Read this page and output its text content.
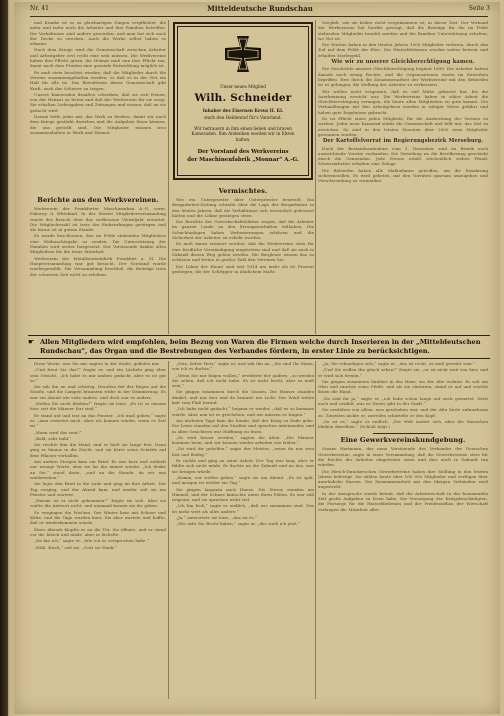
Nr. 41	Mitteldeutsche Rundschau	Seite 3

und Kranke ist es zu gleichartigen Dingen verpflichtet, die mehr und mehr auch die Arbeiter und ihre Familien betreffen. Die Verhältnisse sind andere geworden, und man hat sich nach der Decke zu strecken. Auch die Werke selbst haben es erkannt.

Nach dem Kriege wird die Gemeinschaft zwischen Arbeiter und Arbeitgeber erst recht eine sein müssen. Die Werkvereine haben ihre Pflicht getan, die Heimat muß nun ihre Pflicht tun, damit nach dem Frieden eine gesunde Entwicklung möglich ist.

Es muß stets beachtet werden, daß die Mitglieder durch die Vereine zusammengehalten werden, so daß es in der Not ein Halt für alle ist. Das Bewußtsein dieser Gemeinschaft gibt Kraft, auch das Schwere zu tragen.

Unsere Kameraden draußen schreiben, daß sie sich freuen, von der Heimat zu hören und daß der Werkverein für sie sorgt. Sie erhalten Liebesgaben und Zeitungen und wissen, daß an sie gedacht wird.

Darum helfe jeder mit, das Werk zu fördern, damit wir nach dem Kriege gestärkt dastehen und die Aufgaben lösen können, die uns gestellt sind. Die Mitglieder müssen treu zusammenhalten in Werk und Heimat.

Berichte aus den Werkvereinen.

Werkverein der Frankfurter Maschinenbau A.-G. vorm. Pokorny & Wittekind. In der letzten Mitgliederversammlung wurde der Bericht über das verflossene Vierteljahr erstattet. Die Mitgliederzahl ist trotz der Einberufungen gestiegen und die Kasse ist in gutem Stande.

Es wurde beschlossen, den im Felde stehenden Mitgliedern eine Weihnachtsgabe zu senden. Die Unterstützung der Familien wird weiter fortgesetzt. Der Vorsitzende dankte allen Mitgliedern für die treue Mitarbeit.

Werkverein der Metallwarenfabrik Frankfurt a. M. Die Hauptversammlung war gut besucht. Der Vorstand wurde wiedergewählt. Die Versammlung beschloß, die Beiträge trotz der schweren Zeit nicht zu erhöhen.

Unser neues Mitglied
Wilh. Schneider
Inhaber des Eisernen Kreuz II. Kl.
starb den Heldentod für's Vaterland.
Wir betrauern in ihm einen lieben und braven Kameraden. Ihm Andenken werden wir in Ehren halten.
Der Vorstand des Werkvereins
der Maschinenfabrik „Monnar“ A.-G.
Vermischtes.

Wie ein Unterpriester über Unterpriester beurteilt. Ein Bergarbeiter-Zeitung schreibt über die Lage der Bergarbeiter in den letzten Jahren, daß die Verhältnisse sich wesentlich gebessert hätten und die Löhne gestiegen seien.

Die Berichte der Gewerkschaftsblätter zeigen, daß die Arbeiter im ganzen Lande an den Errungenschaften teilhaben. Die Schachtanlagen haben Verbesserungen erfahren und die Sicherheit der Arbeiter ist erhöht worden.

Es muß daran erinnert werden, daß die Werkvereine stets für eine friedliche Verständigung eingetreten sind und daß sie auch in Zukunft diesen Weg gehen werden. Die Bergleute wissen das zu schätzen und treten in großer Zahl den Vereinen bei.

Die Löhne der Hauer sind seit 1914 um mehr als 60 Prozent gestiegen, die der Schlepper in ähnlichem Maße.

Sorgfalt, wie sie bisher nicht vorgekommen ist, in dieser Zeit. Der Verband der Werkvereine hat hierfür gesorgt, daß die Beiträge für die im Felde stehenden Mitglieder bezahlt werden und die Familien Unterstützung erhalten, wo Not ist.

Die Vereine haben in den letzten Jahren 1500 Mitglieder verloren, durch den Tod auf dem Felde der Ehre. Die Hinterbliebenen werden weiter betreut und erhalten Sterbegeld.

Wie wir zu unserer Gleichberechtigung kamen.

Die Geschichte unserer Gleichberechtigung beginnt 1890. Die Arbeiter hatten damals noch wenig Rechte, und die Organisationen waren im Entstehen begriffen. Erst durch die Zusammenarbeit der Werkvereine mit den Behörden ist es gelungen, die Stellung der Arbeiter zu verbessern.

Wir wollen nicht vergessen, daß es viel Mühe gekostet hat, bis die Anerkennung erreicht war. Die Werkvereine haben in zäher Arbeit die Gleichberechtigung errungen, die heute allen Mitgliedern zu gute kommt. Die Verhandlungen mit den Arbeitgebern wurden in ruhiger Weise geführt und haben gute Ergebnisse gebracht.

Es ist Pflicht eines jeden Mitglieds, für die Ausbreitung der Vereine zu werben. Jeder neue Kamerad stärkt die Gemeinschaft und hilft mit, das Ziel zu erreichen. So sind in den letzten Monaten über 2000 neue Mitglieder gewonnen worden.

Der Kartoffelvorrat im Regierungsbezirk Merseburg.

Nach der Bestandsaufnahme vom 1. Dezember sind im Bezirk noch ausreichende Vorräte vorhanden. Die Verteilung an die Bevölkerung geschieht durch die Gemeinden. Jede Person erhält wöchentlich sieben Pfund, Schwerarbeiter erhalten eine Zulage.

Die Behörden haben alle Maßnahmen getroffen, um die Ernährung sicherzustellen. Es wird gebeten, mit den Vorräten sparsam umzugehen und Verschwendung zu vermeiden.

☛ Allen Mitgliedern wird empfohlen, beim Bezug von Waren die Firmen welche durch Inserieren in der „Mitteldeutschen Rundschau“, das Organ und die Bestrebungen des Verbandes fördern, in erster Linie zu berücksichtigen.

Diese Worte, was Sie mir sagten in der Stube, gefielen mir.

„Und freut Sie das?“ fragte er, und ein Lächeln ging über sein Gesicht. „Ich habe es mir anders gedacht, aber es ist gut so.“

Sie sah ihn an und schwieg. Draußen fiel der Regen auf die Straße, und die Lampen brannten trübe in der Dämmerung. Es war ein Abend wie viele andere, und doch war es anders.

„Wollen Sie nicht bleiben?“ fragte sie leise. „Es ist so einsam hier, seit die Männer fort sind.“

Er stand auf und trat an das Fenster. „Ich muß gehen,“ sagte er, „man erwartet mich. Aber ich komme wieder, wenn es Zeit ist.“

„Wann wird das sein?“

„Bald, sehr bald.“

Sie reichte ihm die Hand, und er hielt sie lange fest. Dann ging er hinaus in die Nacht, und sie hörte seine Schritte auf dem Pflaster verhallen.

Am andern Morgen kam ein Brief. Er war kurz und enthielt nur wenige Worte, aber sie las ihn immer wieder. „Ich denke an Sie,“ stand darin, „und an die Stunde, da wir uns wiedersehen.“

Sie legte den Brief in die Lade und ging an ihre Arbeit. Der Tag verging, und der Abend kam, und wieder saß sie am Fenster und wartete.

„Warum ist er nicht gekommen?“ fragte sie sich. Aber sie wußte die Antwort nicht, und niemand konnte sie ihr geben.

So vergingen die Wochen. Der Winter kam mit Schnee und Kälte, und die Tage wurden kurz. Sie aber wartete und hoffte, daß er wiederkommen würde.

Eines Abends klopfte es an die Tür. Sie öffnete, und er stand vor ihr, bleich und müde, aber er lächelte.

„Da bin ich,“ sagte er. „Wie ich es versprochen habe.“

„Wilh. Kirch,“ rief sie, „Gott sei Dank!“

„Nun, lieber Herr,“ sagte er, und sah ihn an, „Sie sind Ihr Mann, wie ich es dachte.“

„Wenn Sie mir folgen wollen,“ erwiderte der andere, „so werden Sie sehen, daß ich recht habe. Es ist nicht leicht, aber es muß sein.“

Sie gingen zusammen durch die Gassen. Die Häuser standen dunkel, und nur hier und da brannte ein Licht. Der Wind wehte kalt vom Fluß herauf.

„Ich habe nicht gedacht,“ begann er wieder, „daß es so kommen würde. Aber nun ist es geschehen, und wir müssen es tragen.“

Am nächsten Tage kam die Kunde, daß der Krieg zu Ende gehe. Die Leute standen auf den Straßen und sprachen miteinander, und in allen Gesichtern war Hoffnung zu lesen.

„Es wird besser werden,“ sagten die Alten. „Die Männer kommen heim, und wir können wieder arbeiten wie früher.“

„Da wird dir geholfen,“ sagte der Meister, „wenn du nur treu bist und fleißig.“

Er nickte und ging an seine Arbeit. Der Tag war lang, aber er fühlte sich nicht müde. Er dachte an die Zukunft und an das, was sie bringen würde.

„Komm, wir wollen gehen,“ sagte sie am Abend. „Es ist spät, und morgen ist wieder ein Tag.“

Sie gingen langsam nach Hause. Die Sterne standen am Himmel, und der Schnee knirschte unter ihren Füßen. Es war still ringsum, und sie sprachen nicht viel.

„Ich bin froh,“ sagte er endlich, „daß wir zusammen sind. Das ist mehr wert als alles andere.“

„Ja,“ antwortete sie leise, „das ist es.“

„Wie sehr Sie Recht haben,“ sagte er, „das weiß ich jetzt.“

„Ja, Sie erkundigen sich,“ sagte er, „das ist recht, es muß gewußt sein.“

„Und Sie wollen Ihn gleich sehen?“ fragte sie, „er ist nicht weit von hier, und er wird sich freuen.“

Sie gingen zusammen hinüber in das Haus, wo der Alte wohnte. Er saß am Ofen und rauchte seine Pfeife, und als sie eintraten, stand er auf und reichte ihnen die Hand.

„Da seid ihr ja,“ sagte er, „ich habe schon lange auf euch gewartet. Setzt euch und erzählt, was es Neues gibt in der Stadt.“

Sie erzählten von allem, was geschehen war, und der Alte hörte aufmerksam zu. Zuweilen nickte er, zuweilen schüttelte er den Kopf.

„So ist es,“ sagte er endlich. „Die Welt ändert sich, aber die Menschen bleiben dieselben.“ (Schluß folgt.)

Eine Gewerkvereinskundgebung.

Gustav Hartmann, der neue Vorsitzende des Verbandes der Deutschen Gewerkvereine, sagte in einer Versammlung, daß die Gewerkvereine stets für die Rechte der Arbeiter eingetreten seien und dies auch in Zukunft tun würden.

Die Hirsch-Dunckerschen Gewerkvereine haben ihre Stellung in den letzten Jahren befestigt. Sie zählen heute über 100 000 Mitglieder und verfügen über ansehnliche Kassen. Die Zusammenarbeit mit den übrigen Verbänden wird angestrebt.

In der Aussprache wurde betont, daß die Arbeiterschaft in der kommenden Zeit große Aufgaben zu lösen habe. Die Versorgung der Kriegsbeschädigten, die Fürsorge für die Hinterbliebenen und der Wiederaufbau der Wirtschaft verlangen die Mitarbeit aller.
